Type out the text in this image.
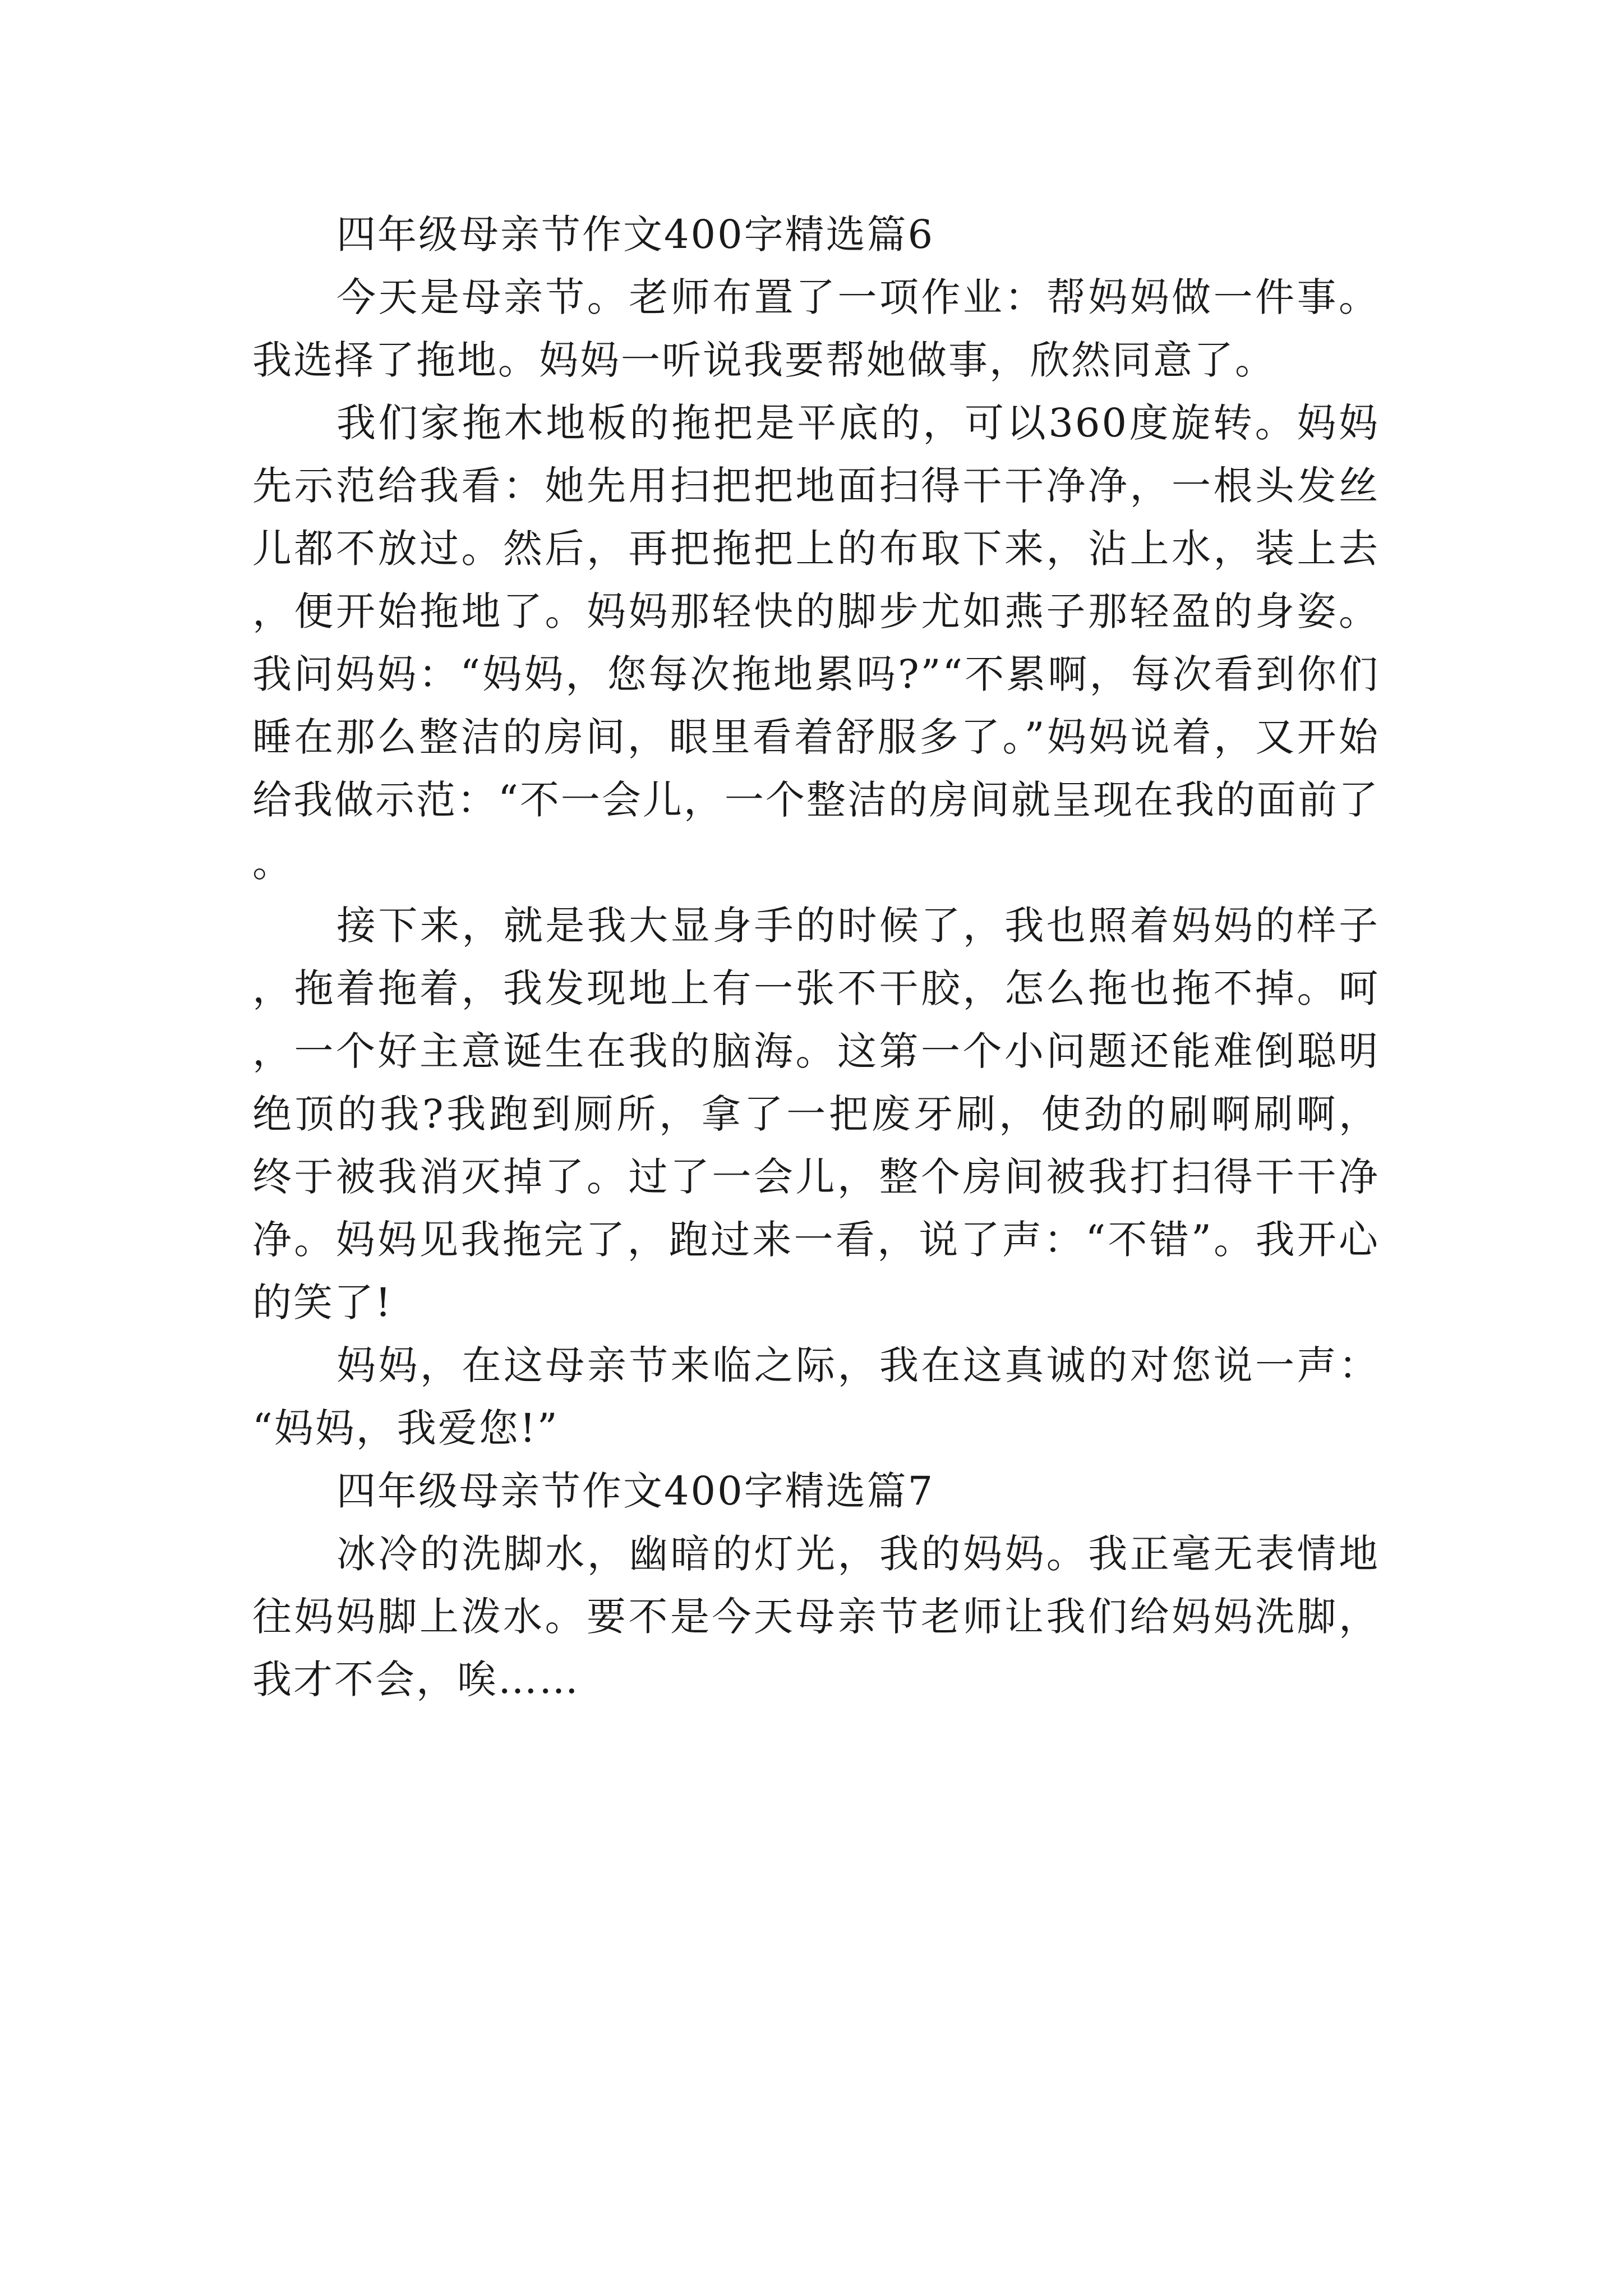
四年级母亲节作文400字精选篇6

今天是母亲节。老师布置了一项作业：帮妈妈做一件事。我选择了拖地。妈妈一听说我要帮她做事，欣然同意了。

我们家拖木地板的拖把是平底的，可以360度旋转。妈妈先示范给我看：她先用扫把把地面扫得干干净净，一根头发丝儿都不放过。然后，再把拖把上的布取下来，沾上水，装上去，便开始拖地了。妈妈那轻快的脚步尤如燕子那轻盈的身姿。我问妈妈：“妈妈，您每次拖地累吗?”“不累啊，每次看到你们睡在那么整洁的房间，眼里看着舒服多了。”妈妈说着，又开始给我做示范：“不一会儿，一个整洁的房间就呈现在我的面前了。

接下来，就是我大显身手的时候了，我也照着妈妈的样子，拖着拖着，我发现地上有一张不干胶，怎么拖也拖不掉。呵，一个好主意诞生在我的脑海。这第一个小问题还能难倒聪明绝顶的我?我跑到厕所，拿了一把废牙刷，使劲的刷啊刷啊，终于被我消灭掉了。过了一会儿，整个房间被我打扫得干干净净。妈妈见我拖完了，跑过来一看，说了声：“不错”。我开心的笑了!

妈妈，在这母亲节来临之际，我在这真诚的对您说一声：“妈妈，我爱您!”

四年级母亲节作文400字精选篇7

冰冷的洗脚水，幽暗的灯光，我的妈妈。我正毫无表情地往妈妈脚上泼水。要不是今天母亲节老师让我们给妈妈洗脚，我才不会，唉……
